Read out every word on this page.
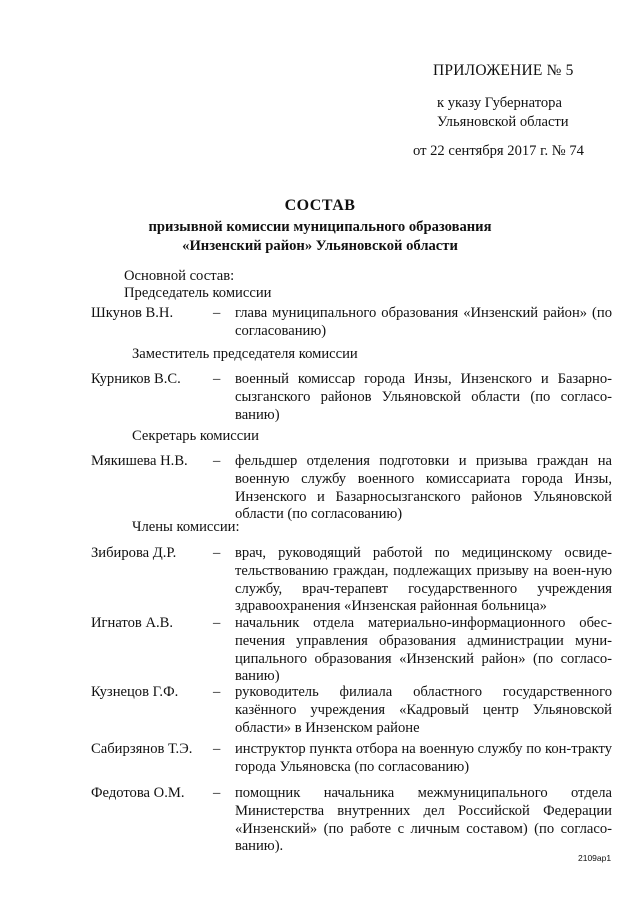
ПРИЛОЖЕНИЕ № 5
к указу Губернатора
Ульяновской области
от 22 сентября 2017 г. № 74
СОСТАВ
призывной комиссии муниципального образования
«Инзенский район» Ульяновской области
Основной состав:
Председатель комиссии
Шкунов В.Н.	– глава муниципального образования «Инзенский район» (по согласованию)
Заместитель председателя комиссии
Курников В.С. – военный комиссар города Инзы, Инзенского и Базарно-сызганского районов Ульяновской области (по согласо-ванию)
Секретарь комиссии
Мякишева Н.В. – фельдшер отделения подготовки и призыва граждан на военную службу военного комиссариата города Инзы, Инзенского и Базарносызганского районов Ульяновской области (по согласованию)
Члены комиссии:
Зибирова Д.Р.	– врач, руководящий работой по медицинскому освиде-тельствованию граждан, подлежащих призыву на воен-ную службу, врач-терапевт государственного учреждения здравоохранения «Инзенская районная больница»
Игнатов А.В.	– начальник отдела материально-информационного обес-печения управления образования администрации муни-ципального образования «Инзенский район» (по согласо-ванию)
Кузнецов Г.Ф. – руководитель филиала областного государственного казённого учреждения «Кадровый центр Ульяновской области» в Инзенском районе
Сабирзянов Т.Э. – инструктор пункта отбора на военную службу по кон-тракту города Ульяновска (по согласованию)
Федотова О.М. – помощник начальника межмуниципального отдела Министерства внутренних дел Российской Федерации «Инзенский» (по работе с личным составом) (по согласо-ванию).
2109ap1
